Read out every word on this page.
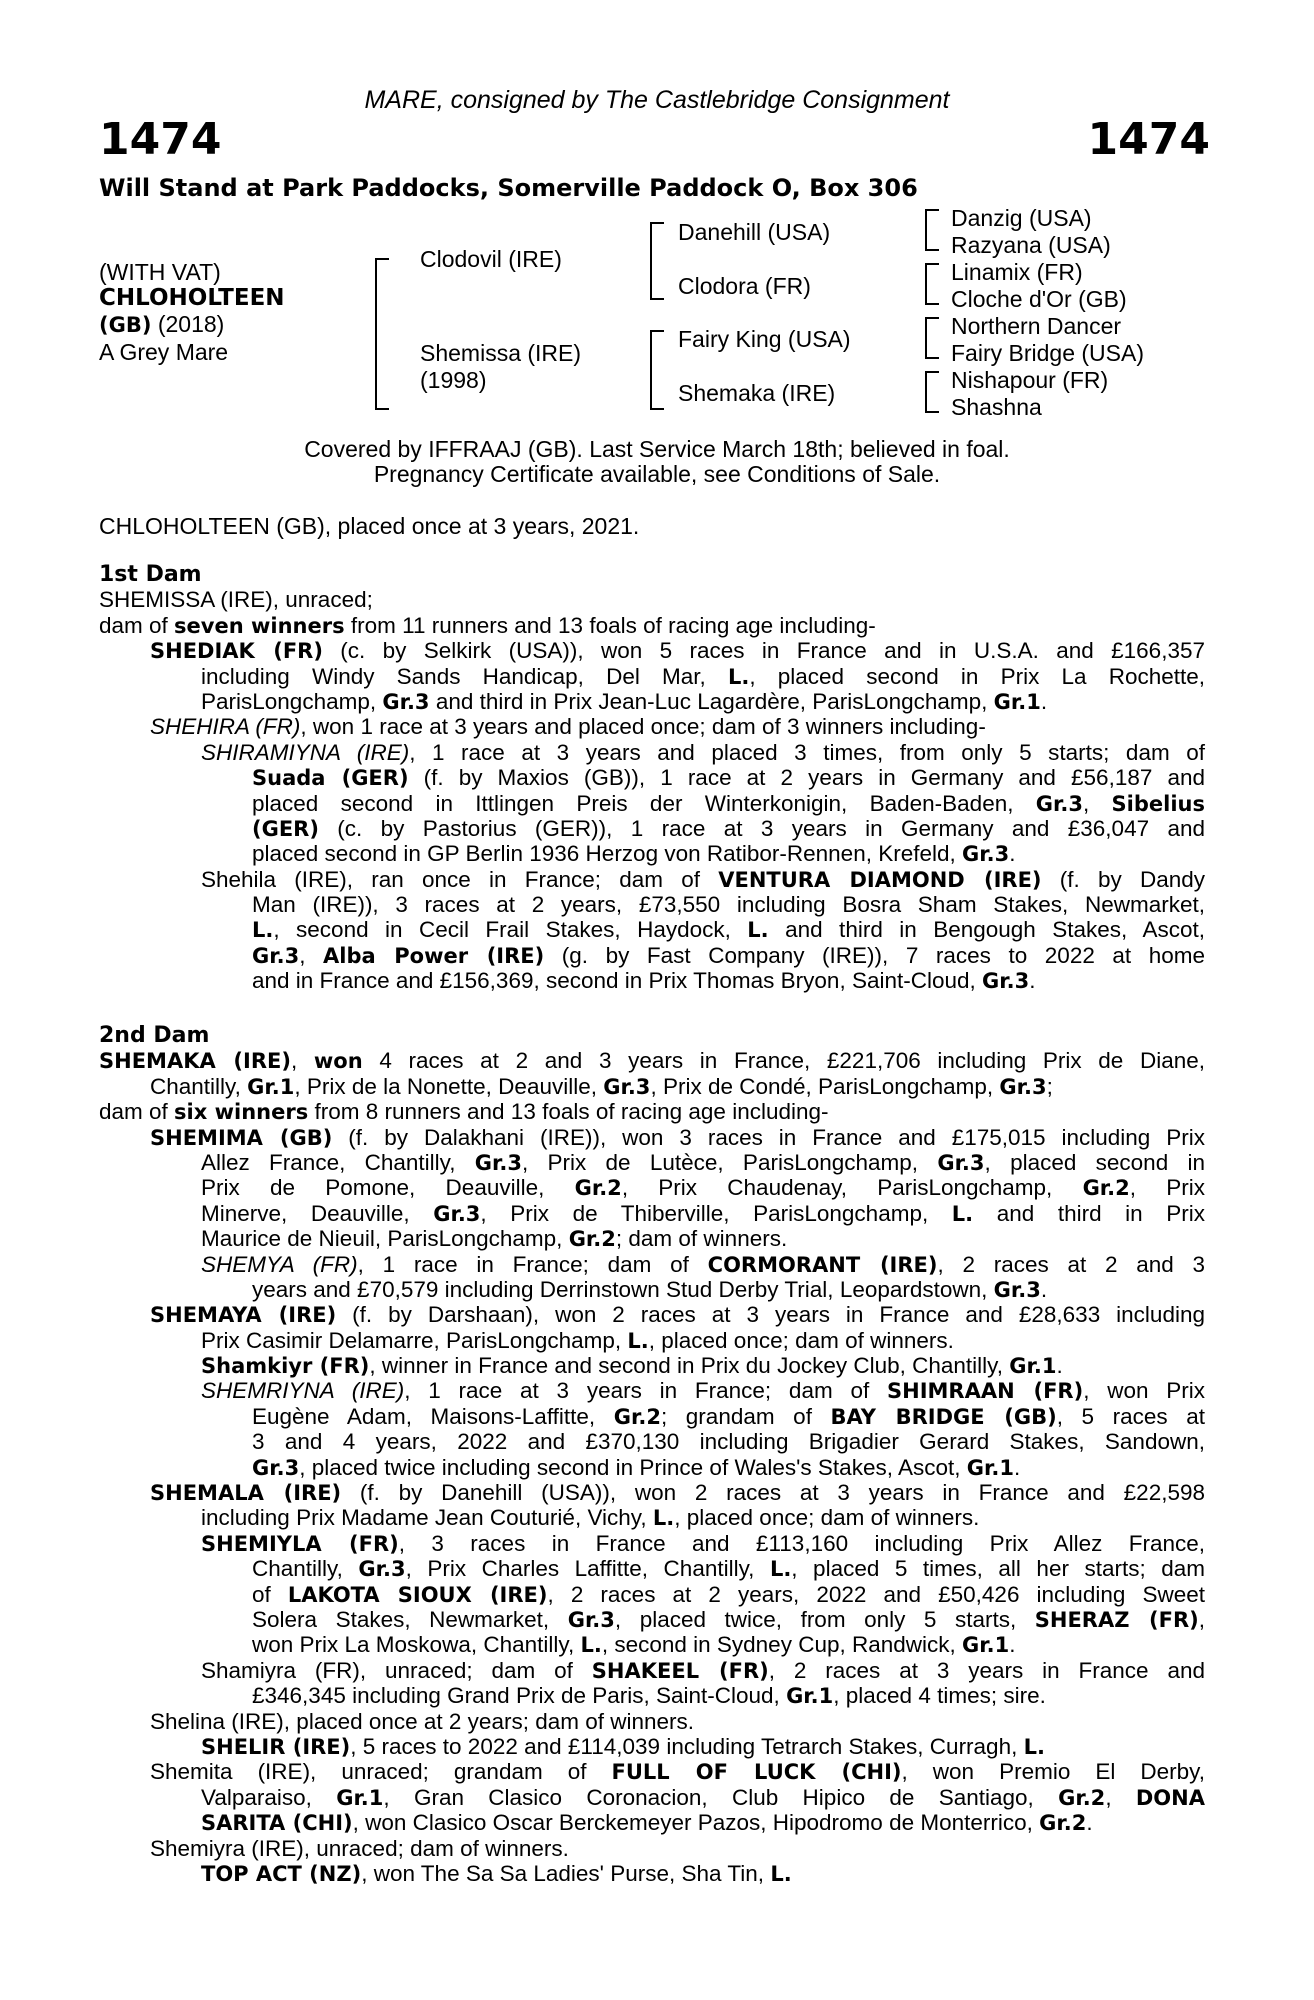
MARE, consigned by The Castlebridge Consignment
1474	1474
Will Stand at Park Paddocks, Somerville Paddock O, Box 306
(WITH VAT)
CHLOHOLTEEN
(GB) (2018)
A Grey Mare
Clodovil (IRE)
Shemissa (IRE)
(1998)
Danehill (USA)
Clodora (FR)
Fairy King (USA)
Shemaka (IRE)
Danzig (USA)
Razyana (USA)
Linamix (FR)
Cloche d'Or (GB)
Northern Dancer
Fairy Bridge (USA)
Nishapour (FR)
Shashna
Covered by IFFRAAJ (GB). Last Service March 18th; believed in foal.
Pregnancy Certificate available, see Conditions of Sale.
CHLOHOLTEEN (GB), placed once at 3 years, 2021.
1st Dam
SHEMISSA (IRE), unraced;
dam of seven winners from 11 runners and 13 foals of racing age including-
SHEDIAK (FR) (c. by Selkirk (USA)), won 5 races in France and in U.S.A. and £166,357
including Windy Sands Handicap, Del Mar, L., placed second in Prix La Rochette,
ParisLongchamp, Gr.3 and third in Prix Jean-Luc Lagardère, ParisLongchamp, Gr.1.
SHEHIRA (FR), won 1 race at 3 years and placed once; dam of 3 winners including-
SHIRAMIYNA (IRE), 1 race at 3 years and placed 3 times, from only 5 starts; dam of
Suada (GER) (f. by Maxios (GB)), 1 race at 2 years in Germany and £56,187 and
placed second in Ittlingen Preis der Winterkonigin, Baden-Baden, Gr.3, Sibelius
(GER) (c. by Pastorius (GER)), 1 race at 3 years in Germany and £36,047 and
placed second in GP Berlin 1936 Herzog von Ratibor-Rennen, Krefeld, Gr.3.
Shehila (IRE), ran once in France; dam of VENTURA DIAMOND (IRE) (f. by Dandy
Man (IRE)), 3 races at 2 years, £73,550 including Bosra Sham Stakes, Newmarket,
L., second in Cecil Frail Stakes, Haydock, L. and third in Bengough Stakes, Ascot,
Gr.3, Alba Power (IRE) (g. by Fast Company (IRE)), 7 races to 2022 at home
and in France and £156,369, second in Prix Thomas Bryon, Saint-Cloud, Gr.3.
2nd Dam
SHEMAKA (IRE), won 4 races at 2 and 3 years in France, £221,706 including Prix de Diane,
Chantilly, Gr.1, Prix de la Nonette, Deauville, Gr.3, Prix de Condé, ParisLongchamp, Gr.3;
dam of six winners from 8 runners and 13 foals of racing age including-
SHEMIMA (GB) (f. by Dalakhani (IRE)), won 3 races in France and £175,015 including Prix
Allez France, Chantilly, Gr.3, Prix de Lutèce, ParisLongchamp, Gr.3, placed second in
Prix de Pomone, Deauville, Gr.2, Prix Chaudenay, ParisLongchamp, Gr.2, Prix
Minerve, Deauville, Gr.3, Prix de Thiberville, ParisLongchamp, L. and third in Prix
Maurice de Nieuil, ParisLongchamp, Gr.2; dam of winners.
SHEMYA (FR), 1 race in France; dam of CORMORANT (IRE), 2 races at 2 and 3
years and £70,579 including Derrinstown Stud Derby Trial, Leopardstown, Gr.3.
SHEMAYA (IRE) (f. by Darshaan), won 2 races at 3 years in France and £28,633 including
Prix Casimir Delamarre, ParisLongchamp, L., placed once; dam of winners.
Shamkiyr (FR), winner in France and second in Prix du Jockey Club, Chantilly, Gr.1.
SHEMRIYNA (IRE), 1 race at 3 years in France; dam of SHIMRAAN (FR), won Prix
Eugène Adam, Maisons-Laffitte, Gr.2; grandam of BAY BRIDGE (GB), 5 races at
3 and 4 years, 2022 and £370,130 including Brigadier Gerard Stakes, Sandown,
Gr.3, placed twice including second in Prince of Wales's Stakes, Ascot, Gr.1.
SHEMALA (IRE) (f. by Danehill (USA)), won 2 races at 3 years in France and £22,598
including Prix Madame Jean Couturié, Vichy, L., placed once; dam of winners.
SHEMIYLA (FR), 3 races in France and £113,160 including Prix Allez France,
Chantilly, Gr.3, Prix Charles Laffitte, Chantilly, L., placed 5 times, all her starts; dam
of LAKOTA SIOUX (IRE), 2 races at 2 years, 2022 and £50,426 including Sweet
Solera Stakes, Newmarket, Gr.3, placed twice, from only 5 starts, SHERAZ (FR),
won Prix La Moskowa, Chantilly, L., second in Sydney Cup, Randwick, Gr.1.
Shamiyra (FR), unraced; dam of SHAKEEL (FR), 2 races at 3 years in France and
£346,345 including Grand Prix de Paris, Saint-Cloud, Gr.1, placed 4 times; sire.
Shelina (IRE), placed once at 2 years; dam of winners.
SHELIR (IRE), 5 races to 2022 and £114,039 including Tetrarch Stakes, Curragh, L.
Shemita (IRE), unraced; grandam of FULL OF LUCK (CHI), won Premio El Derby,
Valparaiso, Gr.1, Gran Clasico Coronacion, Club Hipico de Santiago, Gr.2, DONA
SARITA (CHI), won Clasico Oscar Berckemeyer Pazos, Hipodromo de Monterrico, Gr.2.
Shemiyra (IRE), unraced; dam of winners.
TOP ACT (NZ), won The Sa Sa Ladies' Purse, Sha Tin, L.
